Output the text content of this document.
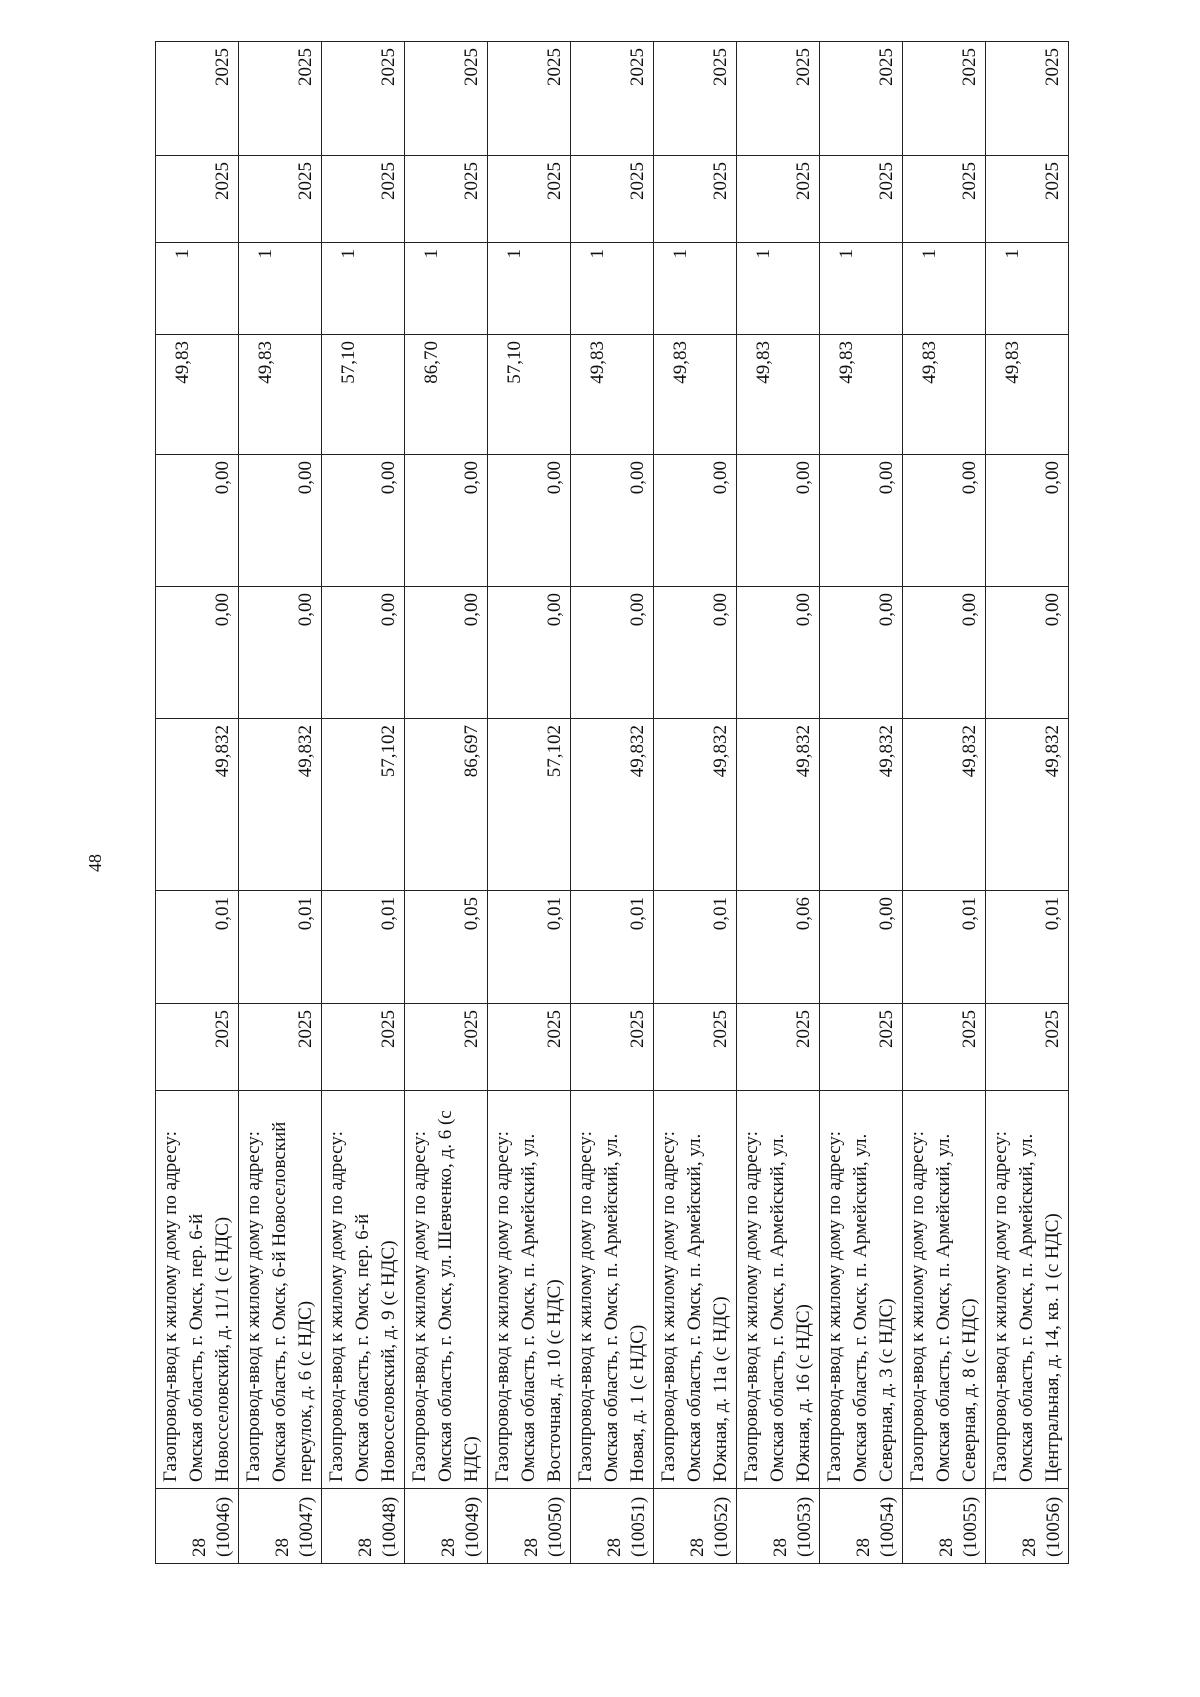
48
28 (10046)	Газопровод-ввод к жилому дому по адресу: Омская область, г. Омск, пер. 6-й Новосселовский, д. 11/1 (с НДС)	2025	0,01	49,832	0,00	0,00	49,83	1	2025	2025

28 (10047)	Газопровод-ввод к жилому дому по адресу: Омская область, г. Омск, 6-й Новоселовский переулок, д. 6 (с НДС)	2025	0,01	49,832	0,00	0,00	49,83	1	2025	2025

28 (10048)	Газопровод-ввод к жилому дому по адресу: Омская область, г. Омск, пер. 6-й Новосселовский, д. 9 (с НДС)	2025	0,01	57,102	0,00	0,00	57,10	1	2025	2025

28 (10049)	Газопровод-ввод к жилому дому по адресу: Омская область, г. Омск, ул. Шевченко, д. 6 (с НДС)	2025	0,05	86,697	0,00	0,00	86,70	1	2025	2025

28 (10050)	Газопровод-ввод к жилому дому по адресу: Омская область, г. Омск, п. Армейский, ул. Восточная, д. 10 (с НДС)	2025	0,01	57,102	0,00	0,00	57,10	1	2025	2025

28 (10051)	Газопровод-ввод к жилому дому по адресу: Омская область, г. Омск, п. Армейский, ул. Новая, д. 1 (с НДС)	2025	0,01	49,832	0,00	0,00	49,83	1	2025	2025

28 (10052)	Газопровод-ввод к жилому дому по адресу: Омская область, г. Омск, п. Армейский, ул. Южная, д. 11а (с НДС)	2025	0,01	49,832	0,00	0,00	49,83	1	2025	2025

28 (10053)	Газопровод-ввод к жилому дому по адресу: Омская область, г. Омск, п. Армейский, ул. Южная, д. 16 (с НДС)	2025	0,06	49,832	0,00	0,00	49,83	1	2025	2025

28 (10054)	Газопровод-ввод к жилому дому по адресу: Омская область, г. Омск, п. Армейский, ул. Северная, д. 3 (с НДС)	2025	0,00	49,832	0,00	0,00	49,83	1	2025	2025

28 (10055)	Газопровод-ввод к жилому дому по адресу: Омская область, г. Омск, п. Армейский, ул. Северная, д. 8 (с НДС)	2025	0,01	49,832	0,00	0,00	49,83	1	2025	2025

28 (10056)	Газопровод-ввод к жилому дому по адресу: Омская область, г. Омск, п. Армейский, ул. Центральная, д. 14, кв. 1 (с НДС)	2025	0,01	49,832	0,00	0,00	49,83	1	2025	2025
